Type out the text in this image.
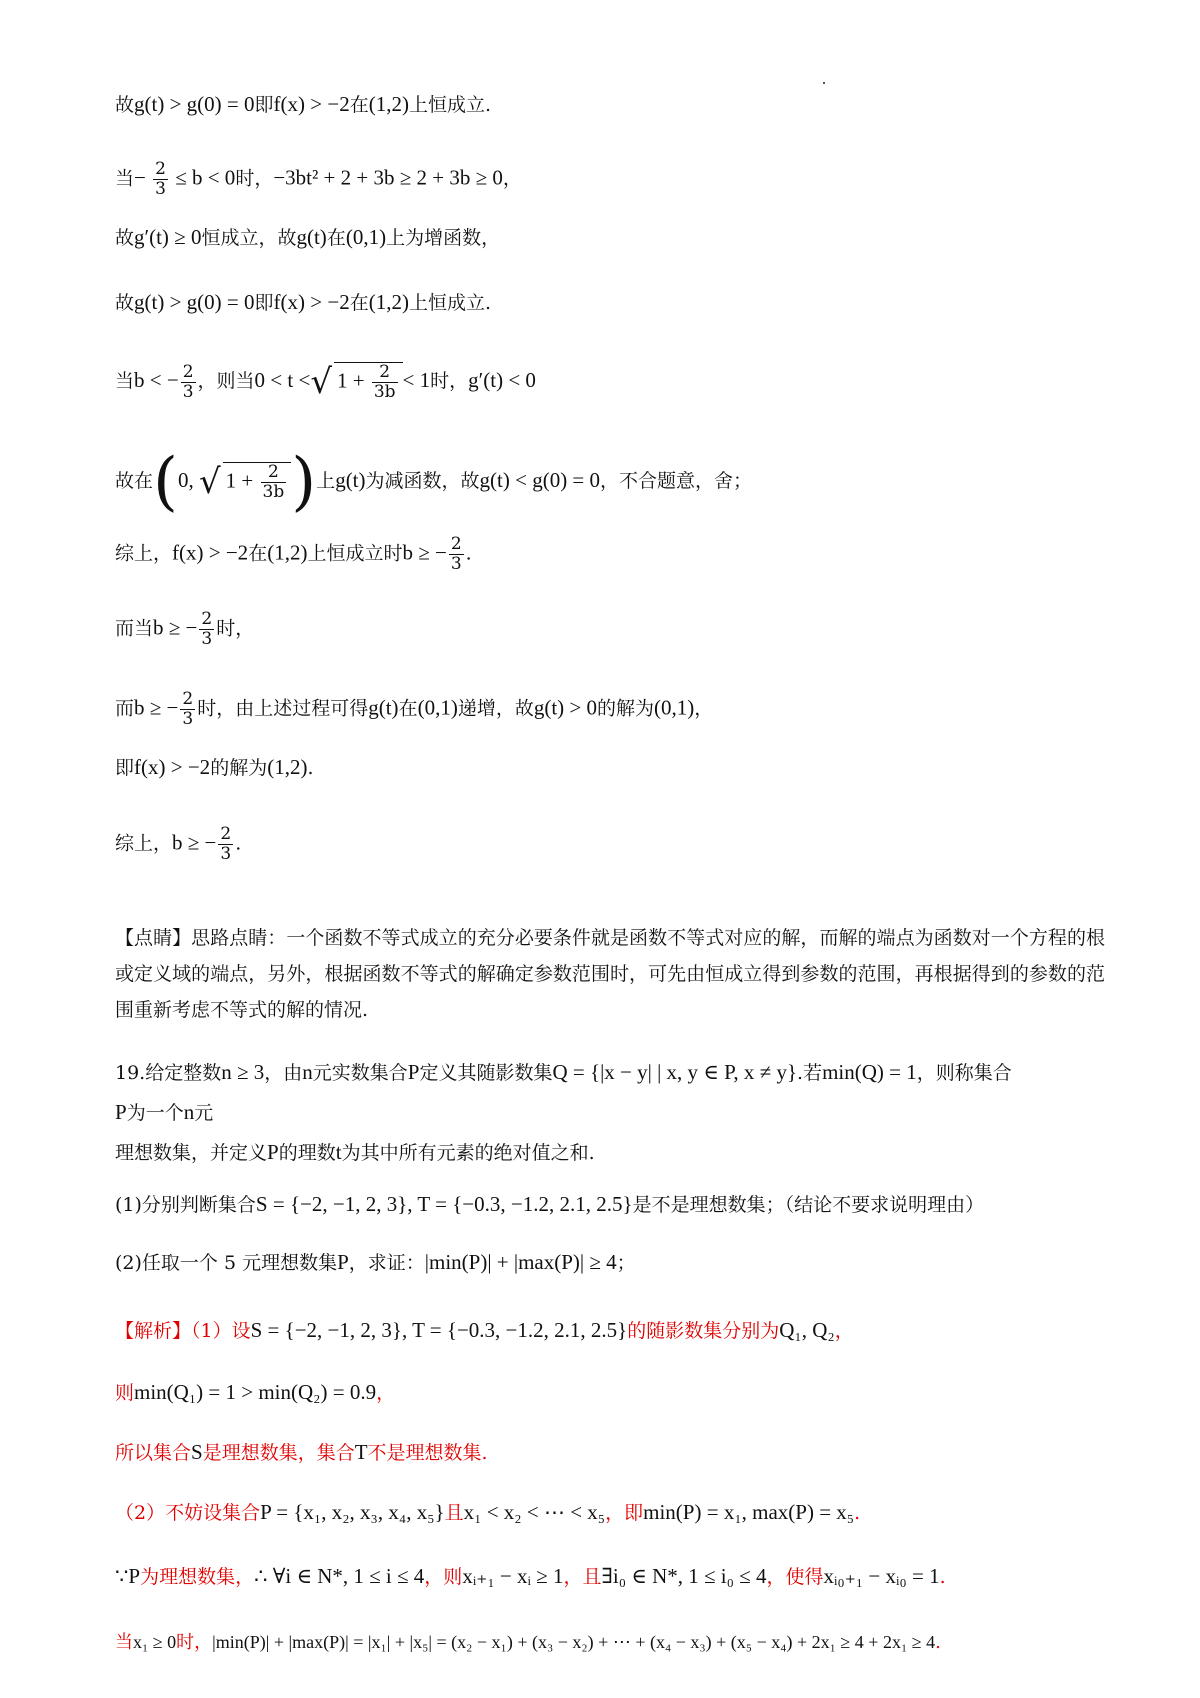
故g(t) > g(0) = 0即f(x) > −2在(1,2)上恒成立.
当− $\frac{2}{3} \le b < 0$时，−3bt² + 2 + 3b ≥ 2 + 3b ≥ 0，
故g′(t) ≥ 0恒成立，故g(t)在(0,1)上为增函数，
故g(t) > g(0) = 0即f(x) > −2在(1,2)上恒成立.
当b < − $\frac{2}{3}$ ，则当0 < t <√ $1 + \frac{2}{3b} < 1$时，g′(t) < 0
故在(0, √ $1 + \frac{2}{3b}$ )上g(t)为减函数，故g(t) < g(0) = 0，不合题意，舍；
综上，f(x) > −2在(1,2)上恒成立时b ≥ − $\frac{2}{3}$ .
而当b ≥ − $\frac{2}{3}$ 时，
而b ≥ − $\frac{2}{3}$ 时，由上述过程可得g(t)在(0,1)递增，故g(t) > 0的解为(0,1)，
即f(x) > −2的解为(1,2).
综上，b ≥ − $\frac{2}{3}$ .
【点睛】思路点睛：一个函数不等式成立的充分必要条件就是函数不等式对应的解，而解的端点为函数对一个方程的根或定义域的端点，另外，根据函数不等式的解确定参数范围时，可先由恒成立得到参数的范围，再根据得到的参数的范围重新考虑不等式的解的情况.
19.给定整数n ≥ 3，由n元实数集合P定义其随影数集Q = {|x − y| | x, y ∈ P, x ≠ y}.若min(Q) = 1，则称集合
P为一个n元
理想数集，并定义P的理数t为其中所有元素的绝对值之和.
(1)分别判断集合S = {−2, −1, 2, 3}, T = {−0.3, −1.2, 2.1, 2.5}是不是理想数集；（结论不要求说明理由）
(2)任取一个 5 元理想数集P，求证：|min(P)| + |max(P)| ≥ 4；
【解析】（1）设S = {−2, −1, 2, 3}, T = {−0.3, −1.2, 2.1, 2.5}的随影数集分别为Q₁, Q₂，
则min(Q₁) = 1 > min(Q₂) = 0.9，
所以集合S是理想数集，集合T不是理想数集.
（2）不妨设集合P = {x₁, x₂, x₃, x₄, x₅}且x₁ < x₂ < ⋯ < x₅，即min(P) = x₁, max(P) = x₅.
∵P为理想数集，∴ ∀i ∈ N*, 1 ≤ i ≤ 4，则xᵢ₊₁ − xᵢ ≥ 1，且∃i₀ ∈ N*, 1 ≤ i₀ ≤ 4，使得xᵢ₀₊₁ − xᵢ₀ = 1.
当x₁ ≥ 0时，|min(P)| + |max(P)| = |x₁| + |x₅| = (x₂ − x₁) + (x₃ − x₂) + ⋯ + (x₄ − x₃) + (x₅ − x₄) + 2x₁ ≥ 4 + 2x₁ ≥ 4.
